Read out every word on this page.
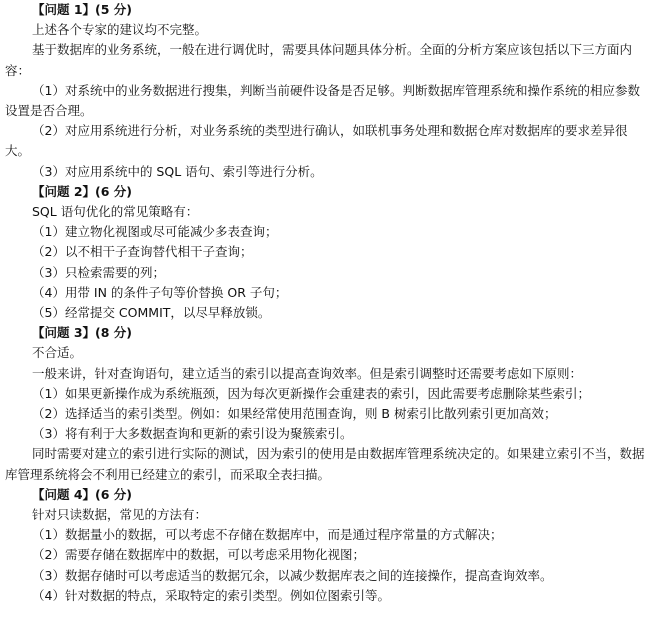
【问题 1】(5 分)
上述各个专家的建议均不完整。
基于数据库的业务系统，一般在进行调优时，需要具体问题具体分析。全面的分析方案应该包括以下三方面内容：
（1）对系统中的业务数据进行搜集，判断当前硬件设备是否足够。判断数据库管理系统和操作系统的相应参数设置是否合理。
（2）对应用系统进行分析，对业务系统的类型进行确认，如联机事务处理和数据仓库对数据库的要求差异很大。
（3）对应用系统中的 SQL 语句、索引等进行分析。
【问题 2】(6 分)
SQL 语句优化的常见策略有：
（1）建立物化视图或尽可能减少多表查询；
（2）以不相干子查询替代相干子查询；
（3）只检索需要的列；
（4）用带 IN 的条件子句等价替换 OR 子句；
（5）经常提交 COMMIT，以尽早释放锁。
【问题 3】(8 分)
不合适。
一般来讲，针对查询语句，建立适当的索引以提高查询效率。但是索引调整时还需要考虑如下原则：
（1）如果更新操作成为系统瓶颈，因为每次更新操作会重建表的索引，因此需要考虑删除某些索引；
（2）选择适当的索引类型。例如：如果经常使用范围查询，则 B 树索引比散列索引更加高效；
（3）将有利于大多数据查询和更新的索引设为聚簇索引。
同时需要对建立的索引进行实际的测试，因为索引的使用是由数据库管理系统决定的。如果建立索引不当，数据库管理系统将会不利用已经建立的索引，而采取全表扫描。
【问题 4】(6 分)
针对只读数据，常见的方法有：
（1）数据量小的数据，可以考虑不存储在数据库中，而是通过程序常量的方式解决；
（2）需要存储在数据库中的数据，可以考虑采用物化视图；
（3）数据存储时可以考虑适当的数据冗余，以减少数据库表之间的连接操作，提高查询效率。
（4）针对数据的特点，采取特定的索引类型。例如位图索引等。
